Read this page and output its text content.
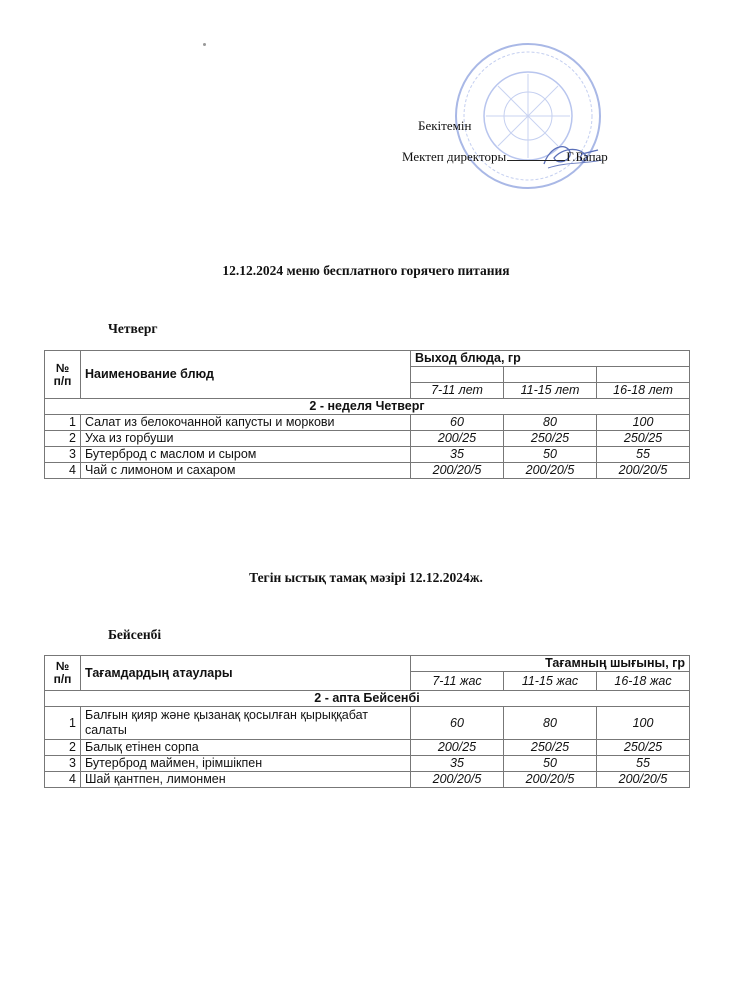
Бекітемін
Мектеп директоры	Г.Бапар
12.12.2024 меню бесплатного горячего питания
Четверг
№ п/п	Наименование блюд	Выход блюда, гр		

		7-11 лет	11-15 лет	16-18 лет
2 - неделя Четверг				
1	Салат из белокочанной капусты и моркови	60	80	100
2	Уха из горбуши	200/25	250/25	250/25
3	Бутерброд с маслом и сыром	35	50	55
4	Чай с лимоном и сахаром	200/20/5	200/20/5	200/20/5
Тегін ыстық тамақ мәзірі 12.12.2024ж.
Бейсенбі
№ п/п	Тағамдардың атаулары	Тағамның шығыны, гр		
		7-11 жас	11-15 жас	16-18 жас
2 - апта Бейсенбі				
1	Балғын қияр және қызанақ қосылған қырыққабат салаты	60	80	100
2	Балық етінен сорпа	200/25	250/25	250/25
3	Бутерброд маймен, ірімшікпен	35	50	55
4	Шай қантпен, лимонмен	200/20/5	200/20/5	200/20/5
